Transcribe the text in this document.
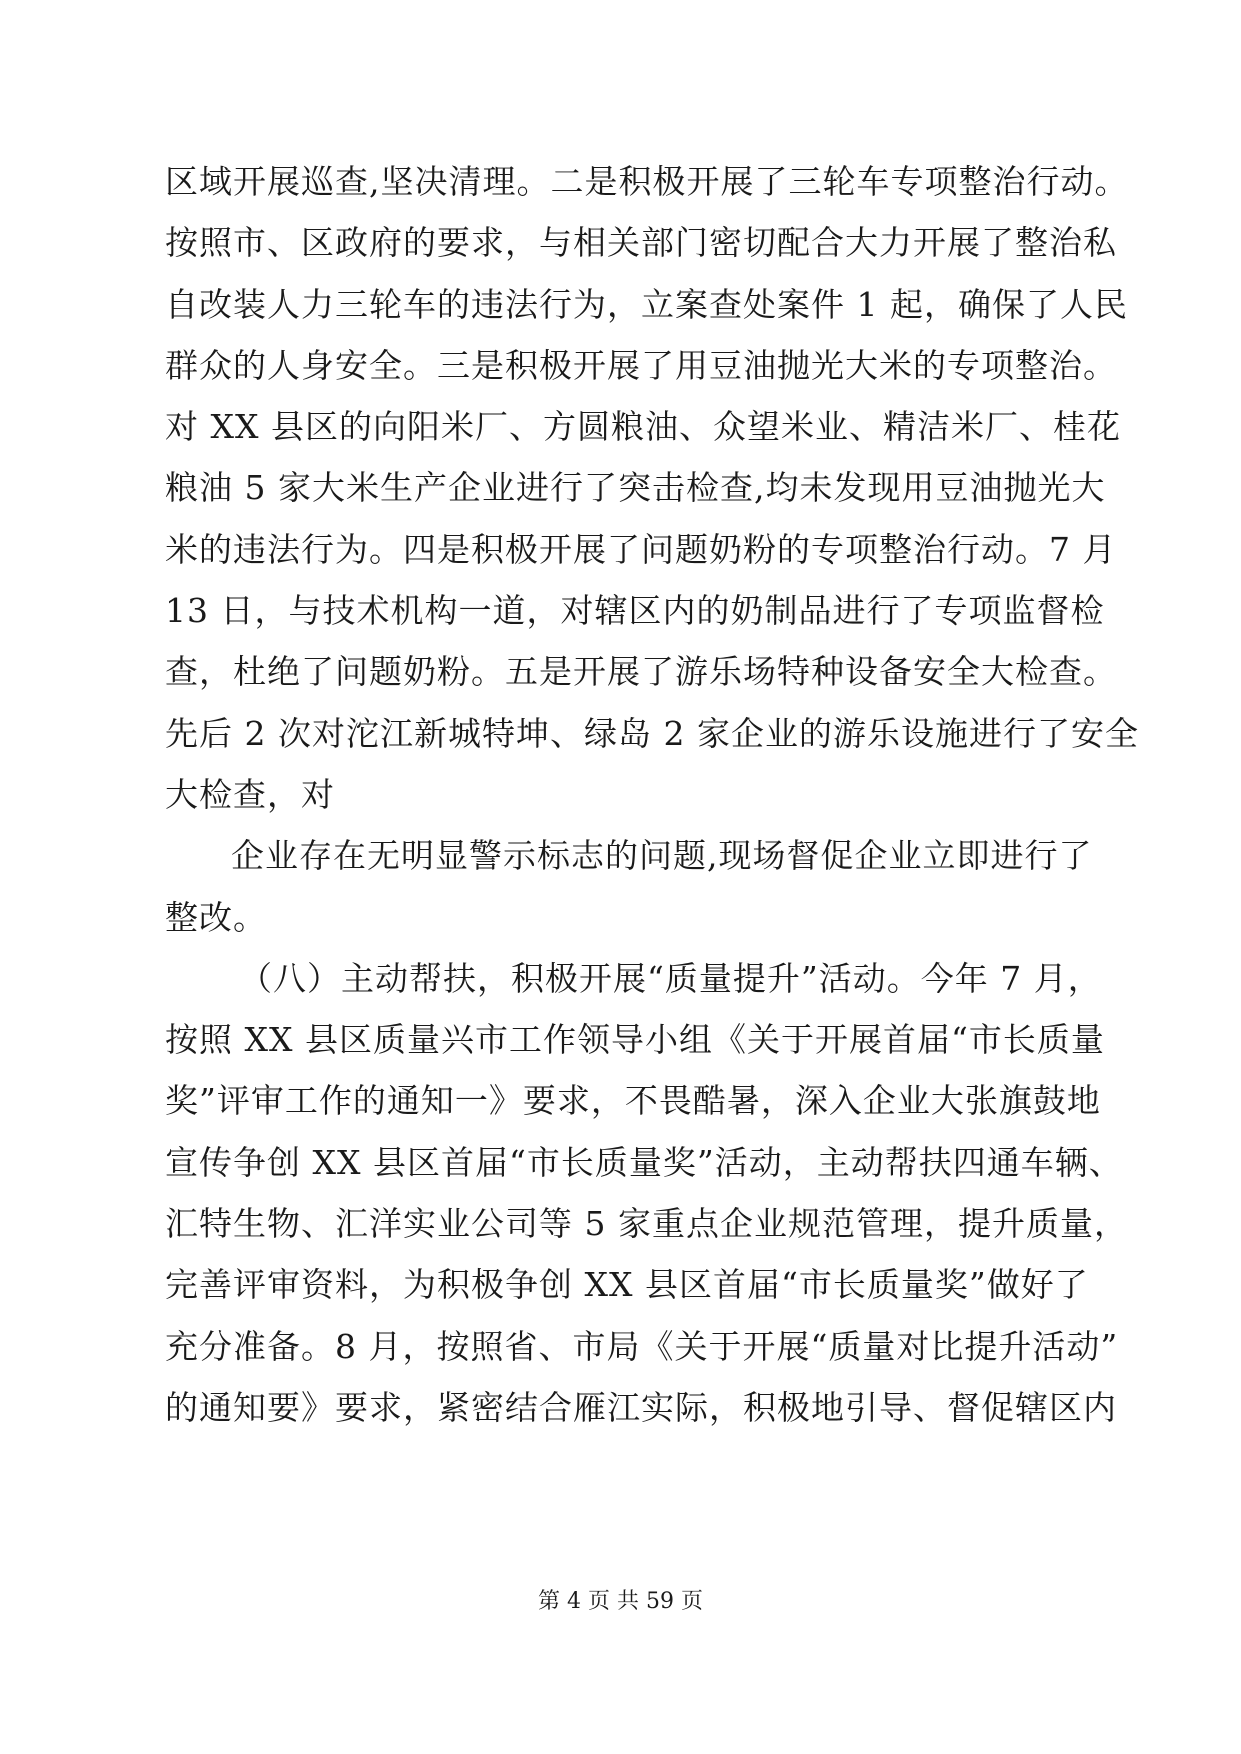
区域开展巡查,坚决清理。二是积极开展了三轮车专项整治行动。
按照市、区政府的要求，与相关部门密切配合大力开展了整治私
自改装人力三轮车的违法行为，立案查处案件 1 起，确保了人民
群众的人身安全。三是积极开展了用豆油抛光大米的专项整治。
对 XX 县区的向阳米厂、方圆粮油、众望米业、精洁米厂、桂花
粮油 5 家大米生产企业进行了突击检查,均未发现用豆油抛光大
米的违法行为。四是积极开展了问题奶粉的专项整治行动。7 月
13 日，与技术机构一道，对辖区内的奶制品进行了专项监督检
查，杜绝了问题奶粉。五是开展了游乐场特种设备安全大检查。
先后 2 次对沱江新城特坤、绿岛 2 家企业的游乐设施进行了安全
大检查，对
企业存在无明显警示标志的问题,现场督促企业立即进行了
整改。
（八）主动帮扶，积极开展“质量提升”活动。今年 7 月，
按照 XX 县区质量兴市工作领导小组《关于开展首届“市长质量
奖”评审工作的通知一》要求，不畏酷暑，深入企业大张旗鼓地
宣传争创 XX 县区首届“市长质量奖”活动，主动帮扶四通车辆、
汇特生物、汇洋实业公司等 5 家重点企业规范管理，提升质量，
完善评审资料，为积极争创 XX 县区首届“市长质量奖”做好了
充分准备。8 月，按照省、市局《关于开展“质量对比提升活动”
的通知要》要求，紧密结合雁江实际，积极地引导、督促辖区内
第 4 页 共 59 页
